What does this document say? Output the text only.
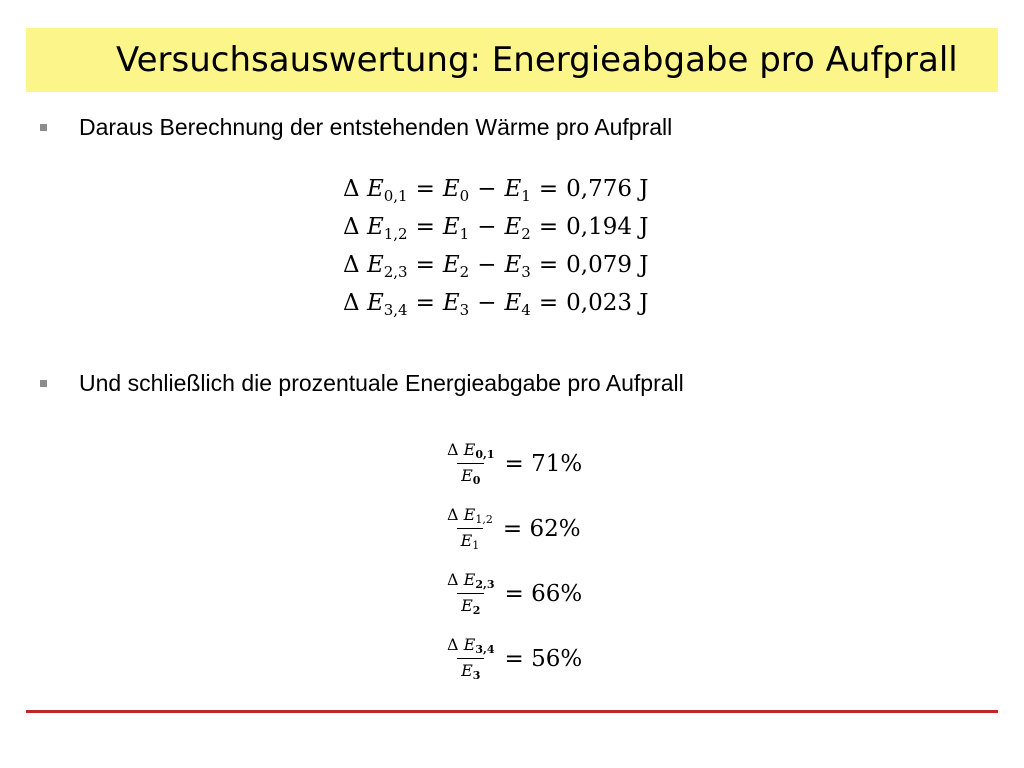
Versuchsauswertung: Energieabgabe pro Aufprall
Daraus Berechnung der entstehenden Wärme pro Aufprall
Δ $E_{0,1} = E_0 - E_1 = 0,776$ J
Δ $E_{1,2} = E_1 - E_2 = 0,194$ J
Δ $E_{2,3} = E_2 - E_3 = 0,079$ J
Δ $E_{3,4} = E_3 - E_4 = 0,023$ J
Und schließlich die prozentuale Energieabgabe pro Aufprall
$\frac{\Delta E_{0,1}}{E_0} = 71\%$
$\frac{\Delta E_{1,2}}{E_1} = 62\%$
$\frac{\Delta E_{2,3}}{E_2} = 66\%$
$\frac{\Delta E_{3,4}}{E_3} = 56\%$
